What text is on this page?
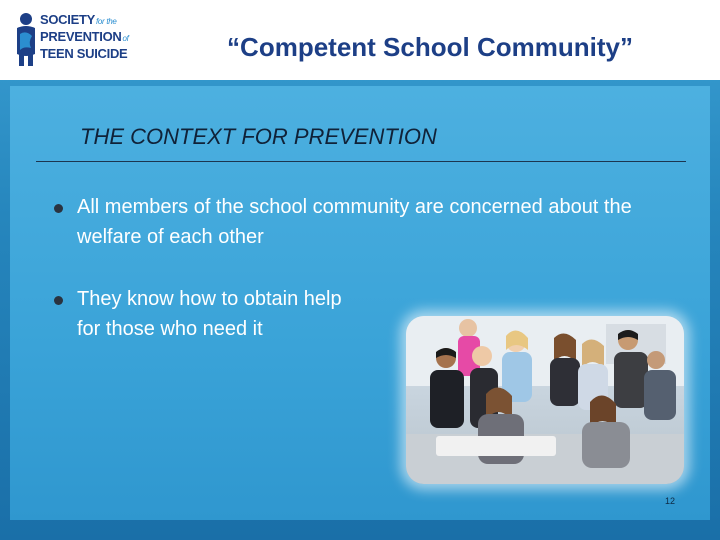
SOCIETYfor the
PREVENTIONof
TEEN SUICIDE	“Competent School Community”
THE CONTEXT FOR PREVENTION
All members of the school community are concerned about the welfare of each other
They know how to obtain help for those who need it
12
